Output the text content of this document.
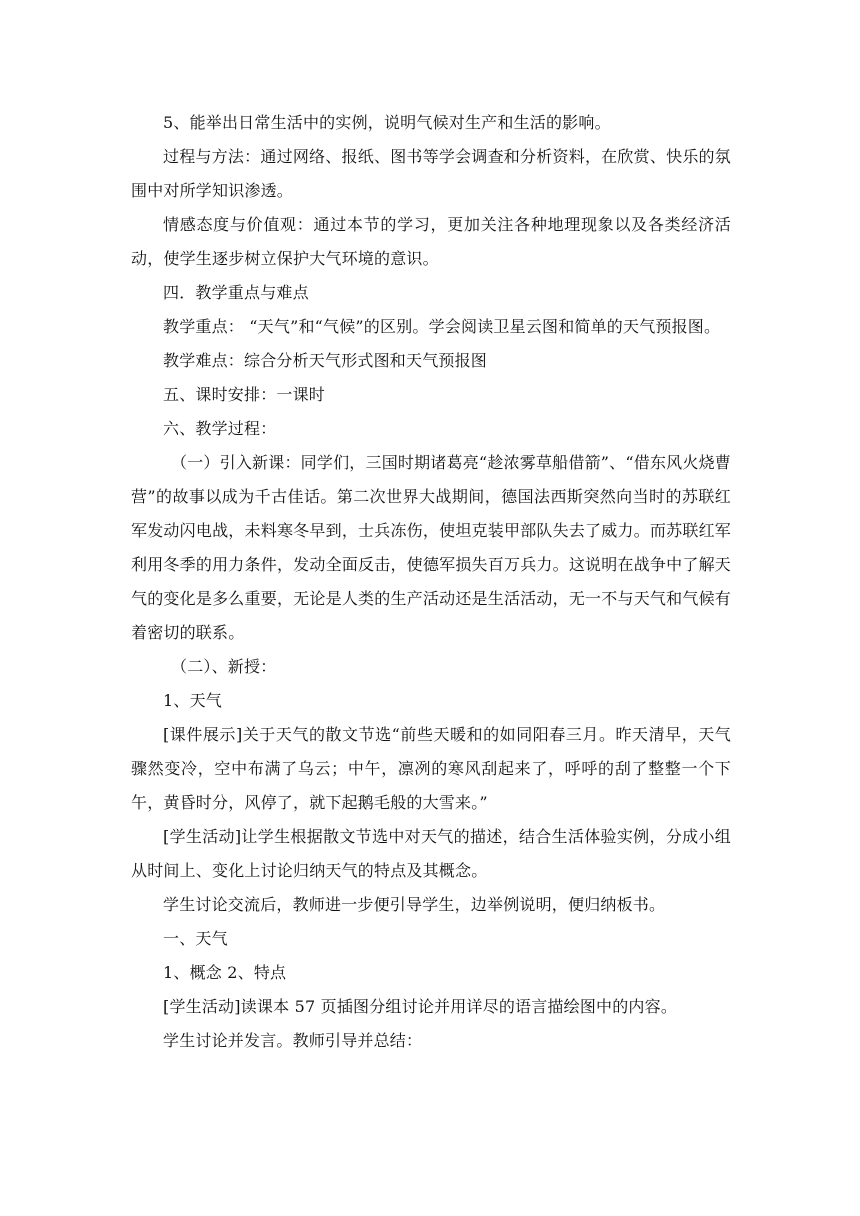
5、能举出日常生活中的实例，说明气候对生产和生活的影响。

过程与方法：通过网络、报纸、图书等学会调查和分析资料，在欣赏、快乐的氛围中对所学知识渗透。

情感态度与价值观：通过本节的学习，更加关注各种地理现象以及各类经济活动，使学生逐步树立保护大气环境的意识。

四．教学重点与难点

教学重点： “天气”和“气候”的区别。学会阅读卫星云图和简单的天气预报图。

教学难点：综合分析天气形式图和天气预报图

五、课时安排：一课时

六、教学过程：

（一）引入新课：同学们，三国时期诸葛亮“趁浓雾草船借箭”、“借东风火烧曹营”的故事以成为千古佳话。第二次世界大战期间，德国法西斯突然向当时的苏联红军发动闪电战，未料寒冬早到，士兵冻伤，使坦克装甲部队失去了威力。而苏联红军利用冬季的用力条件，发动全面反击，使德军损失百万兵力。这说明在战争中了解天气的变化是多么重要，无论是人类的生产活动还是生活活动，无一不与天气和气候有着密切的联系。

（二）、新授：

1、天气

[课件展示]关于天气的散文节选“前些天暖和的如同阳春三月。昨天清早，天气骤然变冷，空中布满了乌云；中午，凛冽的寒风刮起来了，呼呼的刮了整整一个下午，黄昏时分，风停了，就下起鹅毛般的大雪来。”

[学生活动]让学生根据散文节选中对天气的描述，结合生活体验实例，分成小组从时间上、变化上讨论归纳天气的特点及其概念。

学生讨论交流后，教师进一步便引导学生，边举例说明，便归纳板书。

一、天气

1、概念 2、特点

[学生活动]读课本 57 页插图分组讨论并用详尽的语言描绘图中的内容。

学生讨论并发言。教师引导并总结：
